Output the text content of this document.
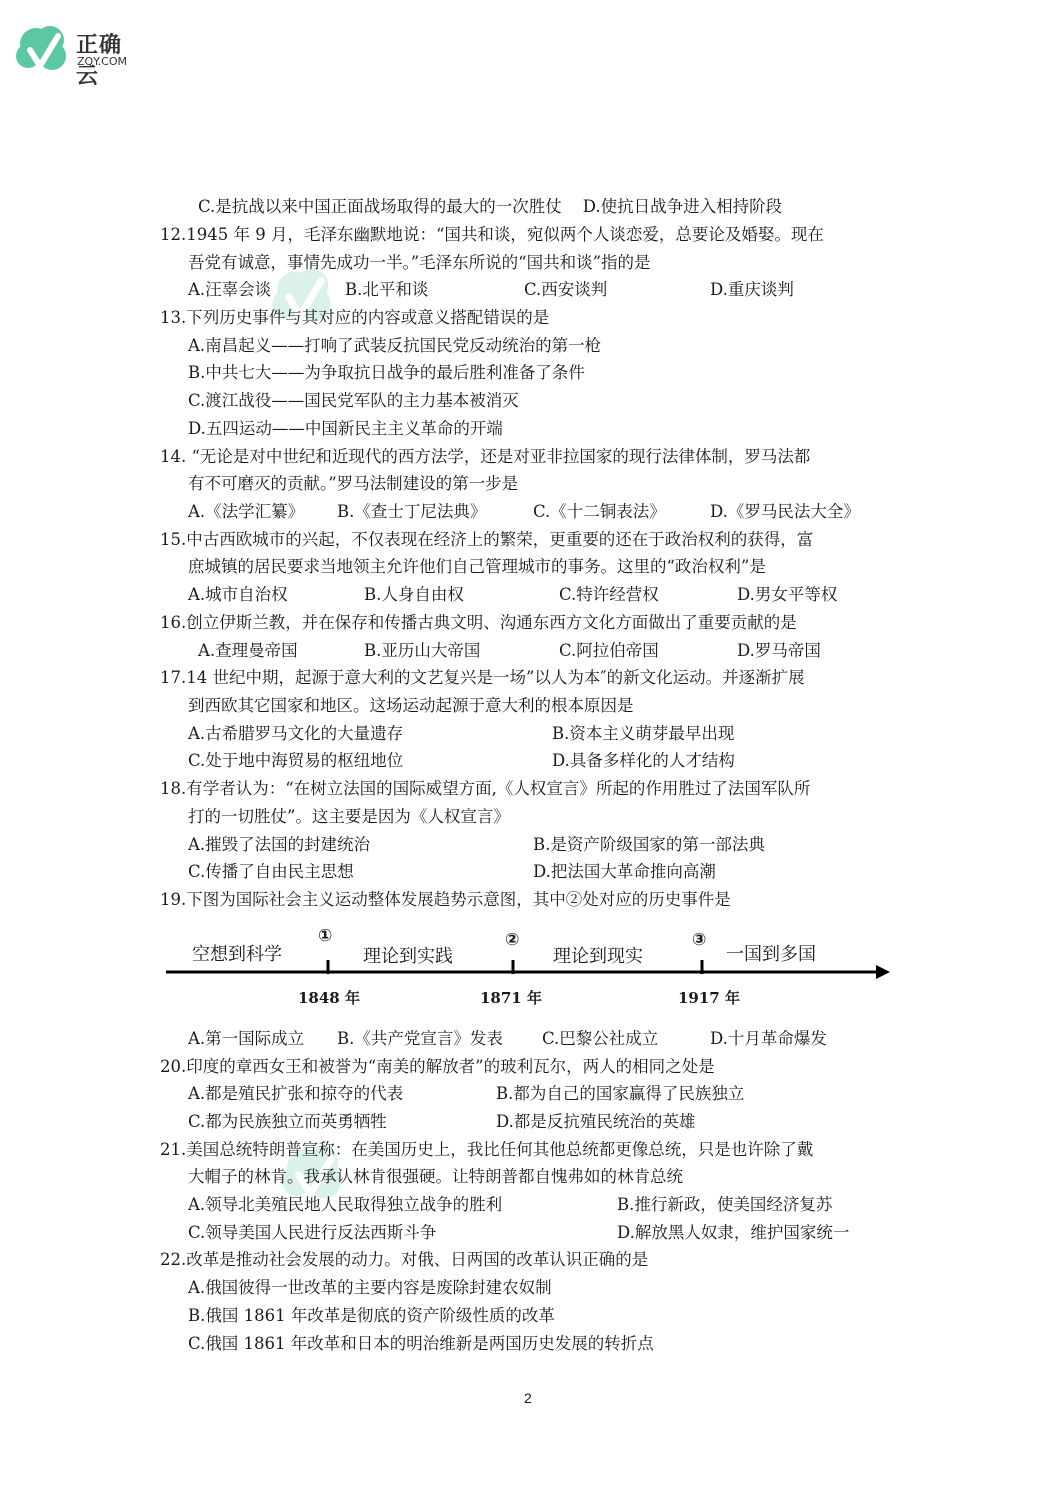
正确云
ZQY.COM
C.是抗战以来中国正面战场取得的最大的一次胜仗    D.使抗日战争进入相持阶段
12.1945 年 9 月，毛泽东幽默地说：“国共和谈，宛似两个人谈恋爱，总要论及婚娶。现在
吾党有诚意，事情先成功一半。”毛泽东所说的“国共和谈”指的是
A.汪辜会谈	B.北平和谈	C.西安谈判	D.重庆谈判
13.下列历史事件与其对应的内容或意义搭配错误的是
A.南昌起义——打响了武装反抗国民党反动统治的第一枪
B.中共七大——为争取抗日战争的最后胜利准备了条件
C.渡江战役——国民党军队的主力基本被消灭
D.五四运动——中国新民主主义革命的开端
14. “无论是对中世纪和近现代的西方法学，还是对亚非拉国家的现行法律体制，罗马法都
有不可磨灭的贡献。”罗马法制建设的第一步是
A.《法学汇纂》 B.《查士丁尼法典》	C.《十二铜表法》	D.《罗马民法大全》
15.中古西欧城市的兴起，不仅表现在经济上的繁荣，更重要的还在于政治权利的获得，富
庶城镇的居民要求当地领主允许他们自己管理城市的事务。这里的“政治权利”是
A.城市自治权	B.人身自由权	C.特许经营权	D.男女平等权
16.创立伊斯兰教，并在保存和传播古典文明、沟通东西方文化方面做出了重要贡献的是
A.查理曼帝国	B.亚历山大帝国	C.阿拉伯帝国	D.罗马帝国
17.14 世纪中期，起源于意大利的文艺复兴是一场”以人为本″的新文化运动。并逐渐扩展
到西欧其它国家和地区。这场运动起源于意大利的根本原因是
A.古希腊罗马文化的大量遗存	B.资本主义萌芽最早出现
C.处于地中海贸易的枢纽地位	D.具备多样化的人才结构
18.有学者认为：“在树立法国的国际威望方面,《人权宣言》所起的作用胜过了法国军队所
打的一切胜仗”。这主要是因为《人权宣言》
A.摧毁了法国的封建统治	B.是资产阶级国家的第一部法典
C.传播了自由民主思想	D.把法国大革命推向高潮
19.下图为国际社会主义运动整体发展趋势示意图，其中②处对应的历史事件是
A.第一国际成立 B.《共产党宣言》发表 C.巴黎公社成立	D.十月革命爆发
20.印度的章西女王和被誉为“南美的解放者”的玻利瓦尔，两人的相同之处是
A.都是殖民扩张和掠夺的代表	B.都为自己的国家赢得了民族独立
C.都为民族独立而英勇牺牲	D.都是反抗殖民统治的英雄
21.美国总统特朗普宣称：在美国历史上，我比任何其他总统都更像总统，只是也许除了戴
大帽子的林肯。我承认林肯很强硬。让特朗普都自愧弗如的林肯总统
A.领导北美殖民地人民取得独立战争的胜利	B.推行新政，使美国经济复苏
C.领导美国人民进行反法西斯斗争	D.解放黑人奴隶，维护国家统一
22.改革是推动社会发展的动力。对俄、日两国的改革认识正确的是
A.俄国彼得一世改革的主要内容是废除封建农奴制
B.俄国 1861 年改革是彻底的资产阶级性质的改革
C.俄国 1861 年改革和日本的明治维新是两国历史发展的转折点
空想到科学	理论到实践	理论到现实	一国到多国
①	②	③
1848 年	1871 年	1917 年
2
